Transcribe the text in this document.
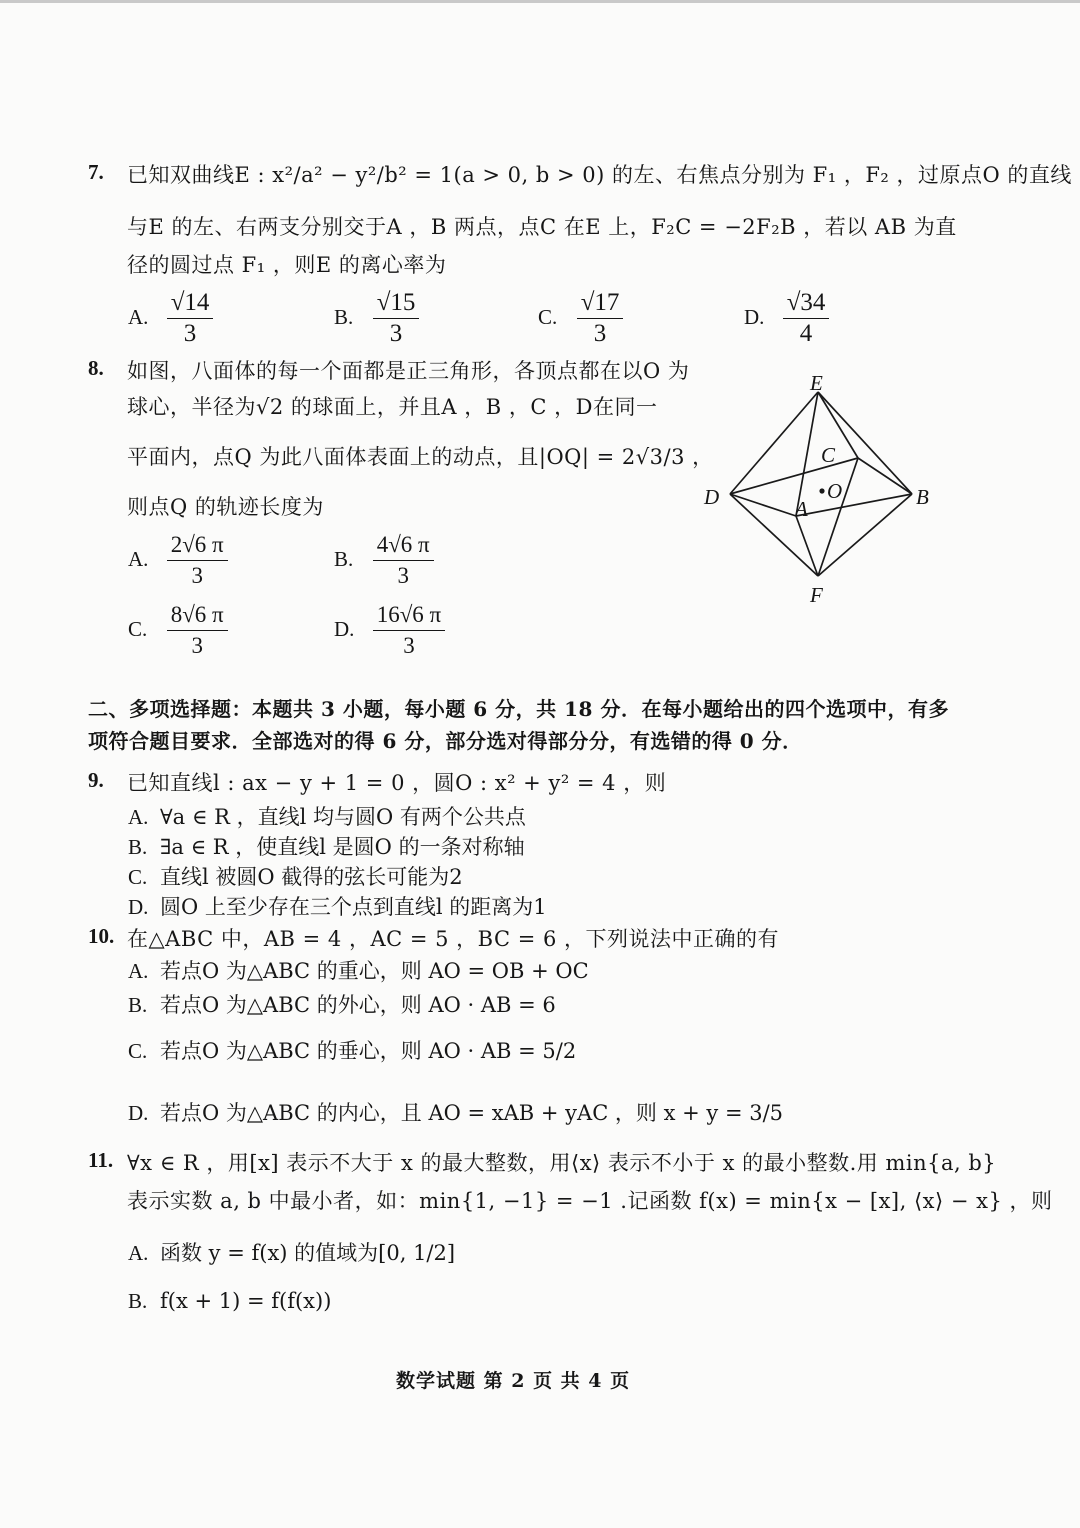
7. 已知双曲线E : x²/a² − y²/b² = 1(a > 0, b > 0) 的左、右焦点分别为 F₁ ，F₂ ，过原点O 的直线
与E 的左、右两支分别交于A ，B 两点，点C 在E 上，F₂C = −2F₂B ，若以 AB 为直
径的圆过点 F₁ ，则E 的离心率为
A. $\frac{√14}{3}$	B. $\frac{√15}{3}$	C. $\frac{√17}{3}$	D. $\frac{√34}{4}$
8. 如图，八面体的每一个面都是正三角形，各顶点都在以O 为
球心，半径为√2 的球面上，并且A ，B ，C ，D在同一
平面内，点Q 为此八面体表面上的动点，且|OQ| = 2√3/3 ，
则点Q 的轨迹长度为
A. $\frac{2√6 \pi}{3}$	B. $\frac{4√6 \pi}{3}$
C. $\frac{8√6 \pi}{3}$	D. $\frac{16√6 \pi}{3}$
E
C
O
D	A	B
F
二、多项选择题：本题共 3 小题，每小题 6 分，共 18 分．在每小题给出的四个选项中，有多
项符合题目要求．全部选对的得 6 分，部分选对得部分分，有选错的得 0 分．
9. 已知直线l : ax − y + 1 = 0 ，圆O : x² + y² = 4 ，则
A. ∀a ∈ R ，直线l 均与圆O 有两个公共点
B. ∃a ∈ R ，使直线l 是圆O 的一条对称轴
C. 直线l 被圆O 截得的弦长可能为2
D. 圆O 上至少存在三个点到直线l 的距离为1
10. 在△ABC 中，AB = 4 ，AC = 5 ，BC = 6 ，下列说法中正确的有
A. 若点O 为△ABC 的重心，则 AO = OB + OC
B. 若点O 为△ABC 的外心，则 AO · AB = 6
C. 若点O 为△ABC 的垂心，则 AO · AB = 5/2
D. 若点O 为△ABC 的内心，且 AO = xAB + yAC ，则 x + y = 3/5
11. ∀x ∈ R ，用[x] 表示不大于 x 的最大整数，用⟨x⟩ 表示不小于 x 的最小整数.用 min{a, b}
表示实数 a, b 中最小者，如：min{1, −1} = −1 .记函数 f(x) = min{x − [x], ⟨x⟩ − x} ，则
A. 函数 y = f(x) 的值域为[0, 1/2]
B. f(x + 1) = f(f(x))
数学试题 第 2 页 共 4 页
